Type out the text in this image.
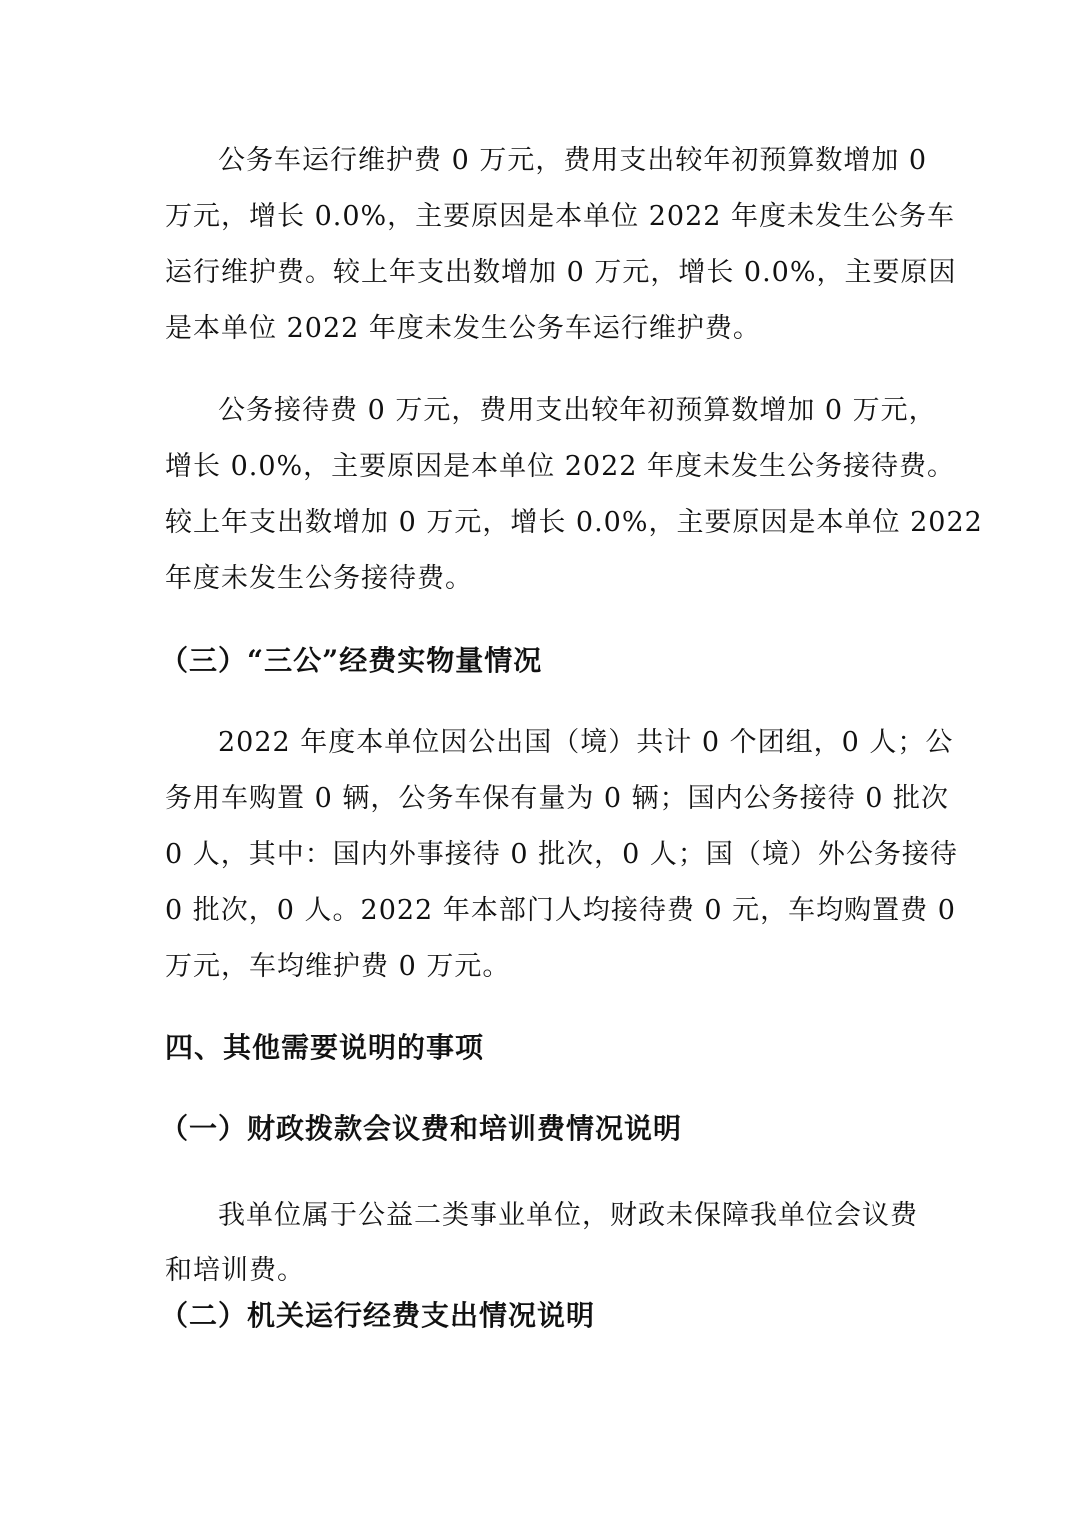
公务车运行维护费 0 万元，费用支出较年初预算数增加 0
万元，增长 0.0%，主要原因是本单位 2022 年度未发生公务车
运行维护费。较上年支出数增加 0 万元，增长 0.0%，主要原因
是本单位 2022 年度未发生公务车运行维护费。
公务接待费 0 万元，费用支出较年初预算数增加 0 万元，
增长 0.0%，主要原因是本单位 2022 年度未发生公务接待费。
较上年支出数增加 0 万元，增长 0.0%，主要原因是本单位 2022
年度未发生公务接待费。
（三）“三公”经费实物量情况
2022 年度本单位因公出国（境）共计 0 个团组，0 人；公
务用车购置 0 辆，公务车保有量为 0 辆；国内公务接待 0 批次
0 人，其中：国内外事接待 0 批次，0 人；国（境）外公务接待
0 批次，0 人。2022 年本部门人均接待费 0 元，车均购置费 0
万元，车均维护费 0 万元。
四、其他需要说明的事项
（一）财政拨款会议费和培训费情况说明
我单位属于公益二类事业单位，财政未保障我单位会议费
和培训费。
（二）机关运行经费支出情况说明
